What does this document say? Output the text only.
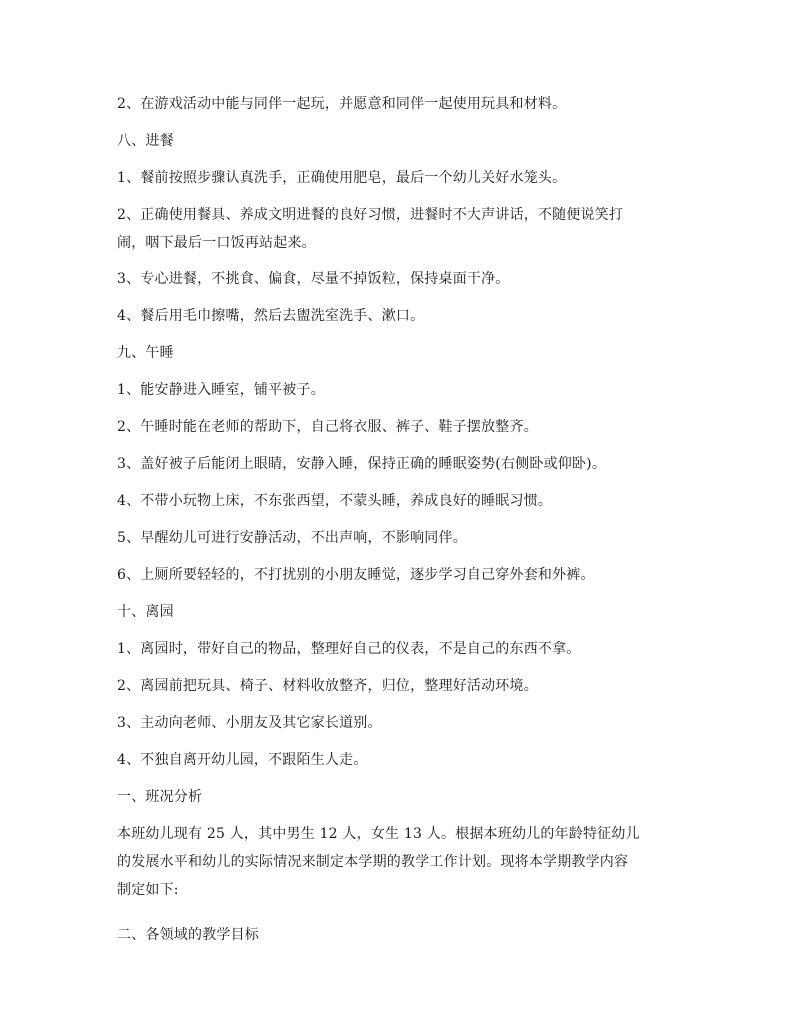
2、在游戏活动中能与同伴一起玩，并愿意和同伴一起使用玩具和材料。
八、进餐
1、餐前按照步骤认真洗手，正确使用肥皂，最后一个幼儿关好水笼头。
2、正确使用餐具、养成文明进餐的良好习惯，进餐时不大声讲话，不随便说笑打
闹，咽下最后一口饭再站起来。
3、专心进餐，不挑食、偏食，尽量不掉饭粒，保持桌面干净。
4、餐后用毛巾擦嘴，然后去盥洗室洗手、漱口。
九、午睡
1、能安静进入睡室，铺平被子。
2、午睡时能在老师的帮助下，自己将衣服、裤子、鞋子摆放整齐。
3、盖好被子后能闭上眼睛，安静入睡，保持正确的睡眠姿势(右侧卧或仰卧)。
4、不带小玩物上床，不东张西望，不蒙头睡，养成良好的睡眠习惯。
5、早醒幼儿可进行安静活动，不出声响，不影响同伴。
6、上厕所要轻轻的，不打扰别的小朋友睡觉，逐步学习自己穿外套和外裤。
十、离园
1、离园时，带好自己的物品，整理好自己的仪表，不是自己的东西不拿。
2、离园前把玩具、椅子、材料收放整齐，归位，整理好活动环境。
3、主动向老师、小朋友及其它家长道别。
4、不独自离开幼儿园，不跟陌生人走。
一、班况分析
本班幼儿现有 25 人，其中男生 12 人，女生 13 人。根据本班幼儿的年龄特征幼儿
的发展水平和幼儿的实际情况来制定本学期的教学工作计划。现将本学期教学内容
制定如下:
二、各领域的教学目标
